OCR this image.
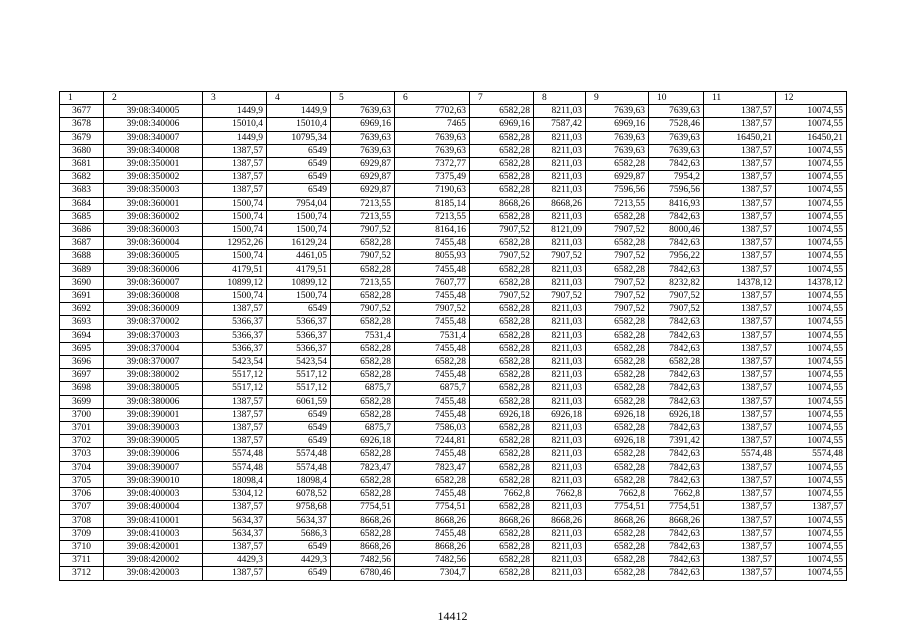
1	2	3	4	5	6	7	8	9	10	11	12
3677	39:08:340005	1449,9	1449,9	7639,63	7702,63	6582,28	8211,03	7639,63	7639,63	1387,57	10074,55
3678	39:08:340006	15010,4	15010,4	6969,16	7465	6969,16	7587,42	6969,16	7528,46	1387,57	10074,55
3679	39:08:340007	1449,9	10795,34	7639,63	7639,63	6582,28	8211,03	7639,63	7639,63	16450,21	16450,21
3680	39:08:340008	1387,57	6549	7639,63	7639,63	6582,28	8211,03	7639,63	7639,63	1387,57	10074,55
3681	39:08:350001	1387,57	6549	6929,87	7372,77	6582,28	8211,03	6582,28	7842,63	1387,57	10074,55
3682	39:08:350002	1387,57	6549	6929,87	7375,49	6582,28	8211,03	6929,87	7954,2	1387,57	10074,55
3683	39:08:350003	1387,57	6549	6929,87	7190,63	6582,28	8211,03	7596,56	7596,56	1387,57	10074,55
3684	39:08:360001	1500,74	7954,04	7213,55	8185,14	8668,26	8668,26	7213,55	8416,93	1387,57	10074,55
3685	39:08:360002	1500,74	1500,74	7213,55	7213,55	6582,28	8211,03	6582,28	7842,63	1387,57	10074,55
3686	39:08:360003	1500,74	1500,74	7907,52	8164,16	7907,52	8121,09	7907,52	8000,46	1387,57	10074,55
3687	39:08:360004	12952,26	16129,24	6582,28	7455,48	6582,28	8211,03	6582,28	7842,63	1387,57	10074,55
3688	39:08:360005	1500,74	4461,05	7907,52	8055,93	7907,52	7907,52	7907,52	7956,22	1387,57	10074,55
3689	39:08:360006	4179,51	4179,51	6582,28	7455,48	6582,28	8211,03	6582,28	7842,63	1387,57	10074,55
3690	39:08:360007	10899,12	10899,12	7213,55	7607,77	6582,28	8211,03	7907,52	8232,82	14378,12	14378,12
3691	39:08:360008	1500,74	1500,74	6582,28	7455,48	7907,52	7907,52	7907,52	7907,52	1387,57	10074,55
3692	39:08:360009	1387,57	6549	7907,52	7907,52	6582,28	8211,03	7907,52	7907,52	1387,57	10074,55
3693	39:08:370002	5366,37	5366,37	6582,28	7455,48	6582,28	8211,03	6582,28	7842,63	1387,57	10074,55
3694	39:08:370003	5366,37	5366,37	7531,4	7531,4	6582,28	8211,03	6582,28	7842,63	1387,57	10074,55
3695	39:08:370004	5366,37	5366,37	6582,28	7455,48	6582,28	8211,03	6582,28	7842,63	1387,57	10074,55
3696	39:08:370007	5423,54	5423,54	6582,28	6582,28	6582,28	8211,03	6582,28	6582,28	1387,57	10074,55
3697	39:08:380002	5517,12	5517,12	6582,28	7455,48	6582,28	8211,03	6582,28	7842,63	1387,57	10074,55
3698	39:08:380005	5517,12	5517,12	6875,7	6875,7	6582,28	8211,03	6582,28	7842,63	1387,57	10074,55
3699	39:08:380006	1387,57	6061,59	6582,28	7455,48	6582,28	8211,03	6582,28	7842,63	1387,57	10074,55
3700	39:08:390001	1387,57	6549	6582,28	7455,48	6926,18	6926,18	6926,18	6926,18	1387,57	10074,55
3701	39:08:390003	1387,57	6549	6875,7	7586,03	6582,28	8211,03	6582,28	7842,63	1387,57	10074,55
3702	39:08:390005	1387,57	6549	6926,18	7244,81	6582,28	8211,03	6926,18	7391,42	1387,57	10074,55
3703	39:08:390006	5574,48	5574,48	6582,28	7455,48	6582,28	8211,03	6582,28	7842,63	5574,48	5574,48
3704	39:08:390007	5574,48	5574,48	7823,47	7823,47	6582,28	8211,03	6582,28	7842,63	1387,57	10074,55
3705	39:08:390010	18098,4	18098,4	6582,28	6582,28	6582,28	8211,03	6582,28	7842,63	1387,57	10074,55
3706	39:08:400003	5304,12	6078,52	6582,28	7455,48	7662,8	7662,8	7662,8	7662,8	1387,57	10074,55
3707	39:08:400004	1387,57	9758,68	7754,51	7754,51	6582,28	8211,03	7754,51	7754,51	1387,57	1387,57
3708	39:08:410001	5634,37	5634,37	8668,26	8668,26	8668,26	8668,26	8668,26	8668,26	1387,57	10074,55
3709	39:08:410003	5634,37	5686,3	6582,28	7455,48	6582,28	8211,03	6582,28	7842,63	1387,57	10074,55
3710	39:08:420001	1387,57	6549	8668,26	8668,26	6582,28	8211,03	6582,28	7842,63	1387,57	10074,55
3711	39:08:420002	4429,3	4429,3	7482,56	7482,56	6582,28	8211,03	6582,28	7842,63	1387,57	10074,55
3712	39:08:420003	1387,57	6549	6780,46	7304,7	6582,28	8211,03	6582,28	7842,63	1387,57	10074,55
14412
